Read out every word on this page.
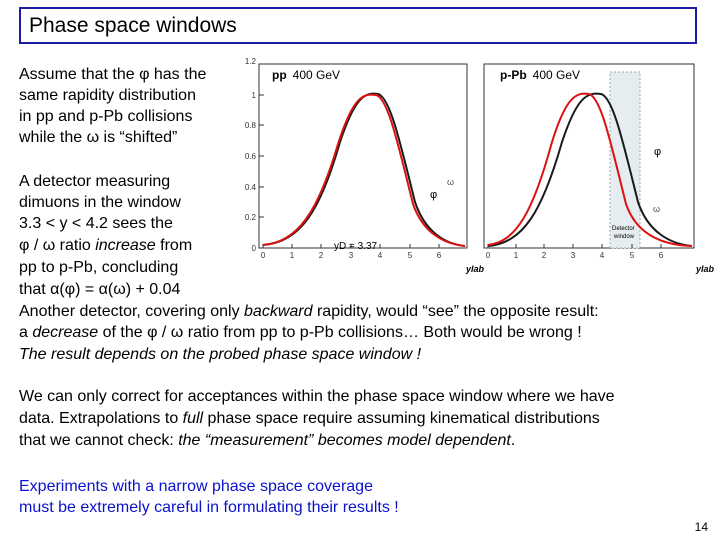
Phase space windows
0
0.2
0.4
0.6
0.8
1
1.2
0	1	2	3	4	5	6
pp 400 GeV
φ
ω
yD = 3.37
ylab
0	1	2	3	4	5	6
p-Pb 400 GeV
φ
ω
Detector
window
ylab
Assume that the φ has the
same rapidity distribution
in pp and p-Pb collisions
while the ω is “shifted”
A detector measuring
dimuons in the window
3.3 < y < 4.2 sees the
φ / ω ratio increase from
pp to p-Pb, concluding
that α(φ) = α(ω) + 0.04
Another detector, covering only backward rapidity, would “see” the opposite result:
a decrease of the φ / ω ratio from pp to p-Pb collisions… Both would be wrong !
The result depends on the probed phase space window !
We can only correct for acceptances within the phase space window where we have
data. Extrapolations to full phase space require assuming kinematical distributions
that we cannot check: the “measurement” becomes model dependent.
Experiments with a narrow phase space coverage
must be extremely careful in formulating their results !
14
